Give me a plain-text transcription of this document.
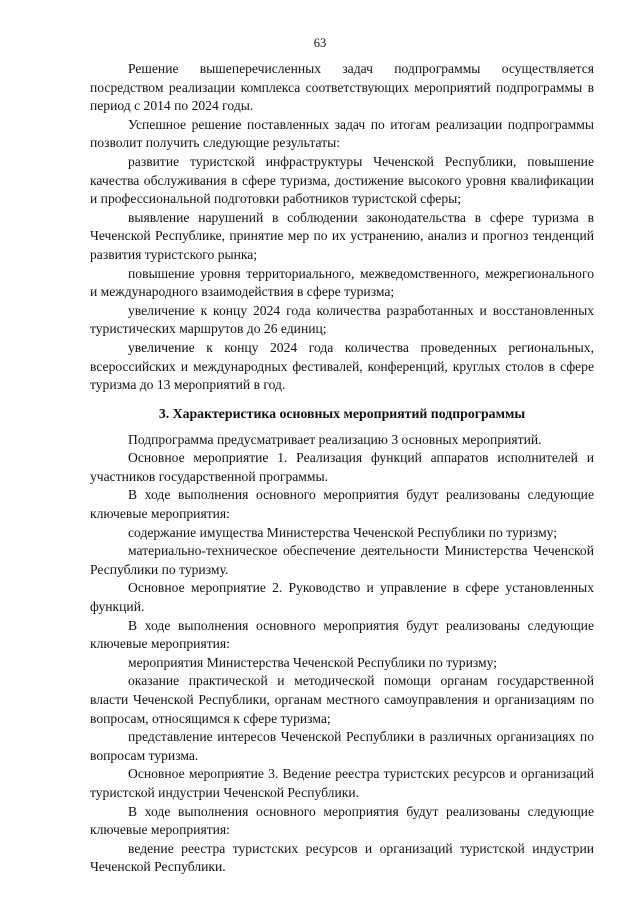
63

Решение вышеперечисленных задач подпрограммы осуществляется посредством реализации комплекса соответствующих мероприятий подпрограммы в период с 2014 по 2024 годы.

Успешное решение поставленных задач по итогам реализации подпрограммы позволит получить следующие результаты:

развитие туристской инфраструктуры Чеченской Республики, повышение качества обслуживания в сфере туризма, достижение высокого уровня квалификации и профессиональной подготовки работников туристской сферы;

выявление нарушений в соблюдении законодательства в сфере туризма в Чеченской Республике, принятие мер по их устранению, анализ и прогноз тенденций развития туристского рынка;

повышение уровня территориального, межведомственного, межрегионального и международного взаимодействия в сфере туризма;

увеличение к концу 2024 года количества разработанных и восстановленных туристических маршрутов до 26 единиц;

увеличение к концу 2024 года количества проведенных региональных, всероссийских и международных фестивалей, конференций, круглых столов в сфере туризма до 13 мероприятий в год.

3. Характеристика основных мероприятий подпрограммы

Подпрограмма предусматривает реализацию 3 основных мероприятий.

Основное мероприятие 1. Реализация функций аппаратов исполнителей и участников государственной программы.

В ходе выполнения основного мероприятия будут реализованы следующие ключевые мероприятия:

содержание имущества Министерства Чеченской Республики по туризму;

материально-техническое обеспечение деятельности Министерства Чеченской Республики по туризму.

Основное мероприятие 2. Руководство и управление в сфере установленных функций.

В ходе выполнения основного мероприятия будут реализованы следующие ключевые мероприятия:

мероприятия Министерства Чеченской Республики по туризму;

оказание практической и методической помощи органам государственной власти Чеченской Республики, органам местного самоуправления и организациям по вопросам, относящимся к сфере туризма;

представление интересов Чеченской Республики в различных организациях по вопросам туризма.

Основное мероприятие 3. Ведение реестра туристских ресурсов и организаций туристской индустрии Чеченской Республики.

В ходе выполнения основного мероприятия будут реализованы следующие ключевые мероприятия:

ведение реестра туристских ресурсов и организаций туристской индустрии Чеченской Республики.
